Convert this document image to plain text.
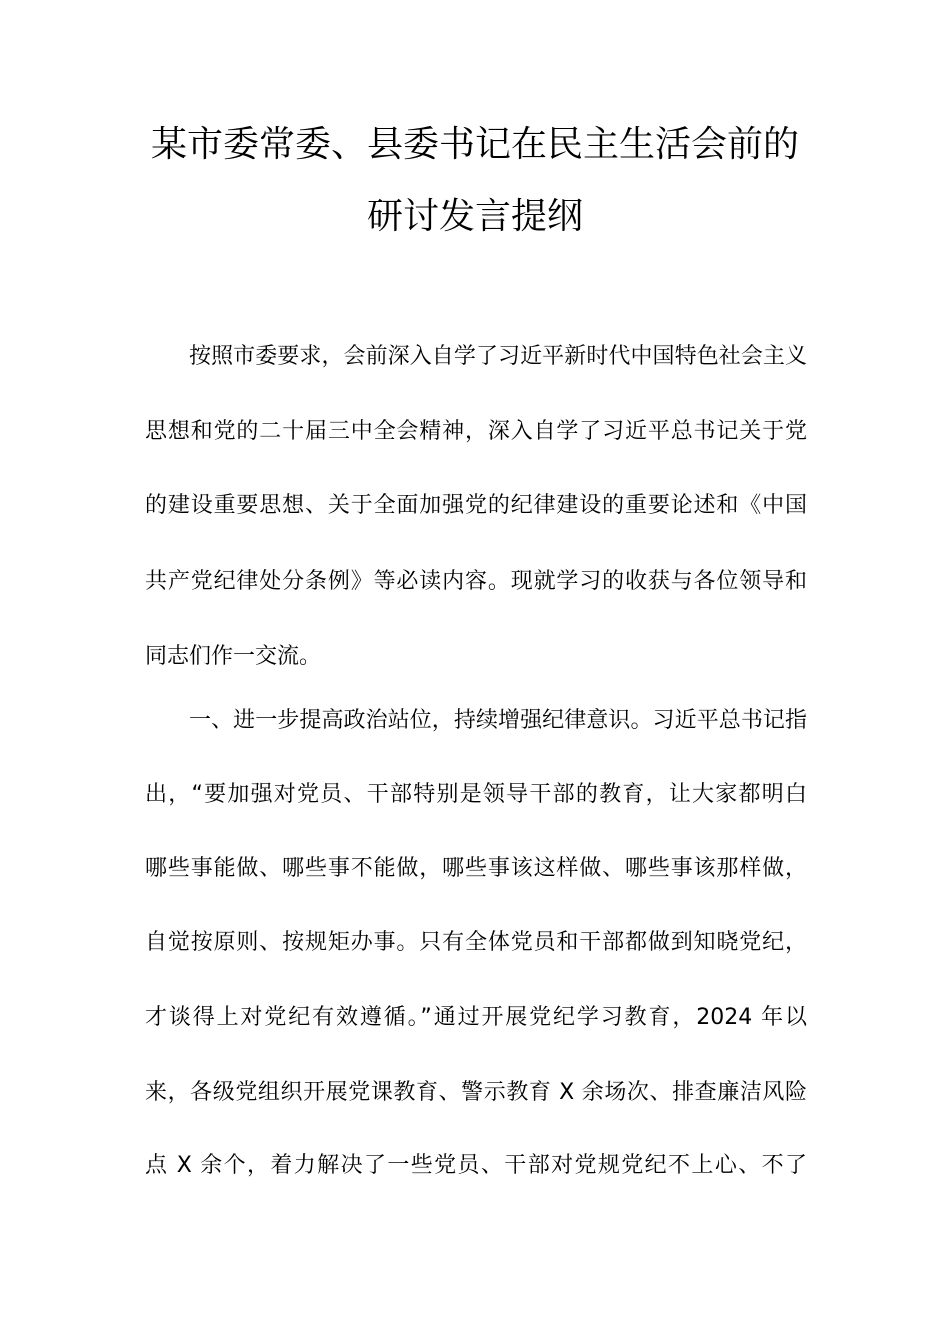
某市委常委、县委书记在民主生活会前的
研讨发言提纲
按照市委要求，会前深入自学了习近平新时代中国特色社会主义
思想和党的二十届三中全会精神，深入自学了习近平总书记关于党
的建设重要思想、关于全面加强党的纪律建设的重要论述和《中国
共产党纪律处分条例》等必读内容。现就学习的收获与各位领导和
同志们作一交流。
一、进一步提高政治站位，持续增强纪律意识。习近平总书记指
出，“要加强对党员、干部特别是领导干部的教育，让大家都明白
哪些事能做、哪些事不能做，哪些事该这样做、哪些事该那样做，
自觉按原则、按规矩办事。只有全体党员和干部都做到知晓党纪，
才谈得上对党纪有效遵循。”通过开展党纪学习教育，2024 年以
来，各级党组织开展党课教育、警示教育 X 余场次、排查廉洁风险
点 X 余个，着力解决了一些党员、干部对党规党纪不上心、不了
